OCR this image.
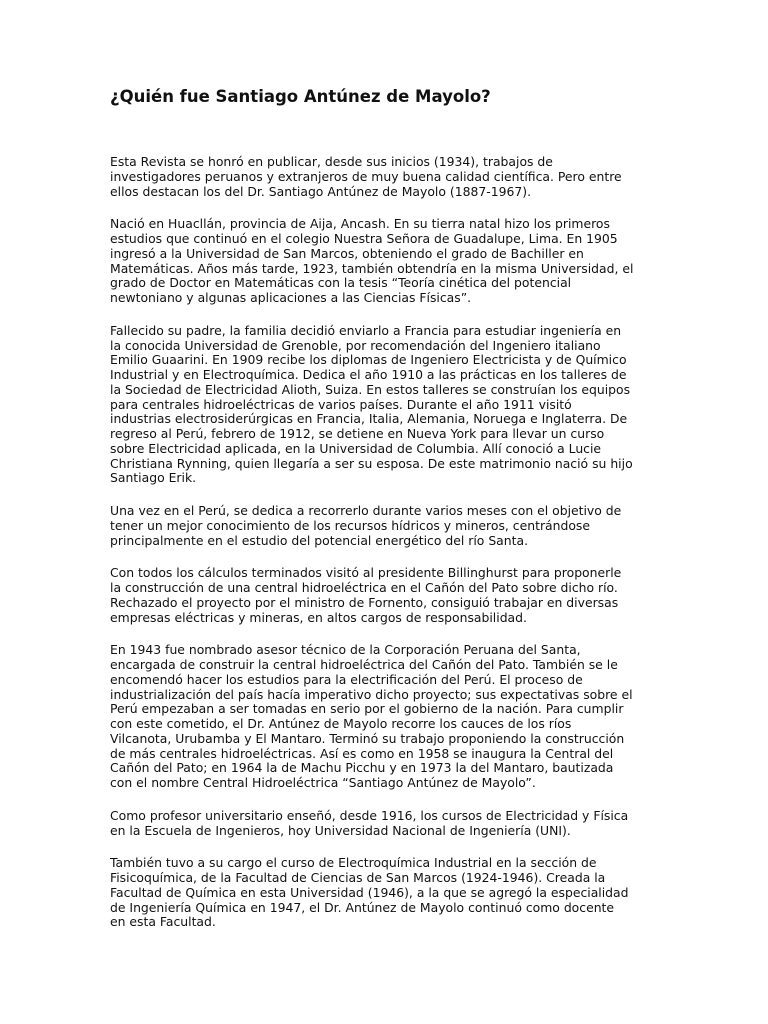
¿Quién fue Santiago Antúnez de Mayolo?

Esta Revista se honró en publicar, desde sus inicios (1934), trabajos de
investigadores peruanos y extranjeros de muy buena calidad científica. Pero entre
ellos destacan los del Dr. Santiago Antúnez de Mayolo (1887-1967).

Nació en Huacllán, provincia de Aija, Ancash. En su tierra natal hizo los primeros
estudios que continuó en el colegio Nuestra Señora de Guadalupe, Lima. En 1905
ingresó a la Universidad de San Marcos, obteniendo el grado de Bachiller en
Matemáticas. Años más tarde, 1923, también obtendría en la misma Universidad, el
grado de Doctor en Matemáticas con la tesis “Teoría cinética del potencial
newtoniano y algunas aplicaciones a las Ciencias Físicas”.

Fallecido su padre, la familia decidió enviarlo a Francia para estudiar ingeniería en
la conocida Universidad de Grenoble, por recomendación del Ingeniero italiano
Emilio Guaarini. En 1909 recibe los diplomas de Ingeniero Electricista y de Químico
Industrial y en Electroquímica. Dedica el año 1910 a las prácticas en los talleres de
la Sociedad de Electricidad Alioth, Suiza. En estos talleres se construían los equipos
para centrales hidroeléctricas de varios países. Durante el año 1911 visitó
industrias electrosiderúrgicas en Francia, Italia, Alemania, Noruega e Inglaterra. De
regreso al Perú, febrero de 1912, se detiene en Nueva York para llevar un curso
sobre Electricidad aplicada, en la Universidad de Columbia. Allí conoció a Lucie
Christiana Rynning, quien llegaría a ser su esposa. De este matrimonio nació su hijo
Santiago Erik.

Una vez en el Perú, se dedica a recorrerlo durante varios meses con el objetivo de
tener un mejor conocimiento de los recursos hídricos y mineros, centrándose
principalmente en el estudio del potencial energético del río Santa.

Con todos los cálculos terminados visitó al presidente Billinghurst para proponerle
la construcción de una central hidroeléctrica en el Cañón del Pato sobre dicho río.
Rechazado el proyecto por el ministro de Fornento, consiguió trabajar en diversas
empresas eléctricas y mineras, en altos cargos de responsabilidad.

En 1943 fue nombrado asesor técnico de la Corporación Peruana del Santa,
encargada de construir la central hidroeléctrica del Cañón del Pato. También se le
encomendó hacer los estudios para la electrificación del Perú. El proceso de
industrialización del país hacía imperativo dicho proyecto; sus expectativas sobre el
Perú empezaban a ser tomadas en serio por el gobierno de la nación. Para cumplir
con este cometido, el Dr. Antúnez de Mayolo recorre los cauces de los ríos
Vilcanota, Urubamba y El Mantaro. Terminó su trabajo proponiendo la construcción
de más centrales hidroeléctricas. Así es como en 1958 se inaugura la Central del
Cañón del Pato; en 1964 la de Machu Picchu y en 1973 la del Mantaro, bautizada
con el nombre Central Hidroeléctrica “Santiago Antúnez de Mayolo”.

Como profesor universitario enseñó, desde 1916, los cursos de Electricidad y Física
en la Escuela de Ingenieros, hoy Universidad Nacional de Ingeniería (UNI).

También tuvo a su cargo el curso de Electroquímica Industrial en la sección de
Fisicoquímica, de la Facultad de Ciencias de San Marcos (1924-1946). Creada la
Facultad de Química en esta Universidad (1946), a la que se agregó la especialidad
de Ingeniería Química en 1947, el Dr. Antúnez de Mayolo continuó como docente
en esta Facultad.
